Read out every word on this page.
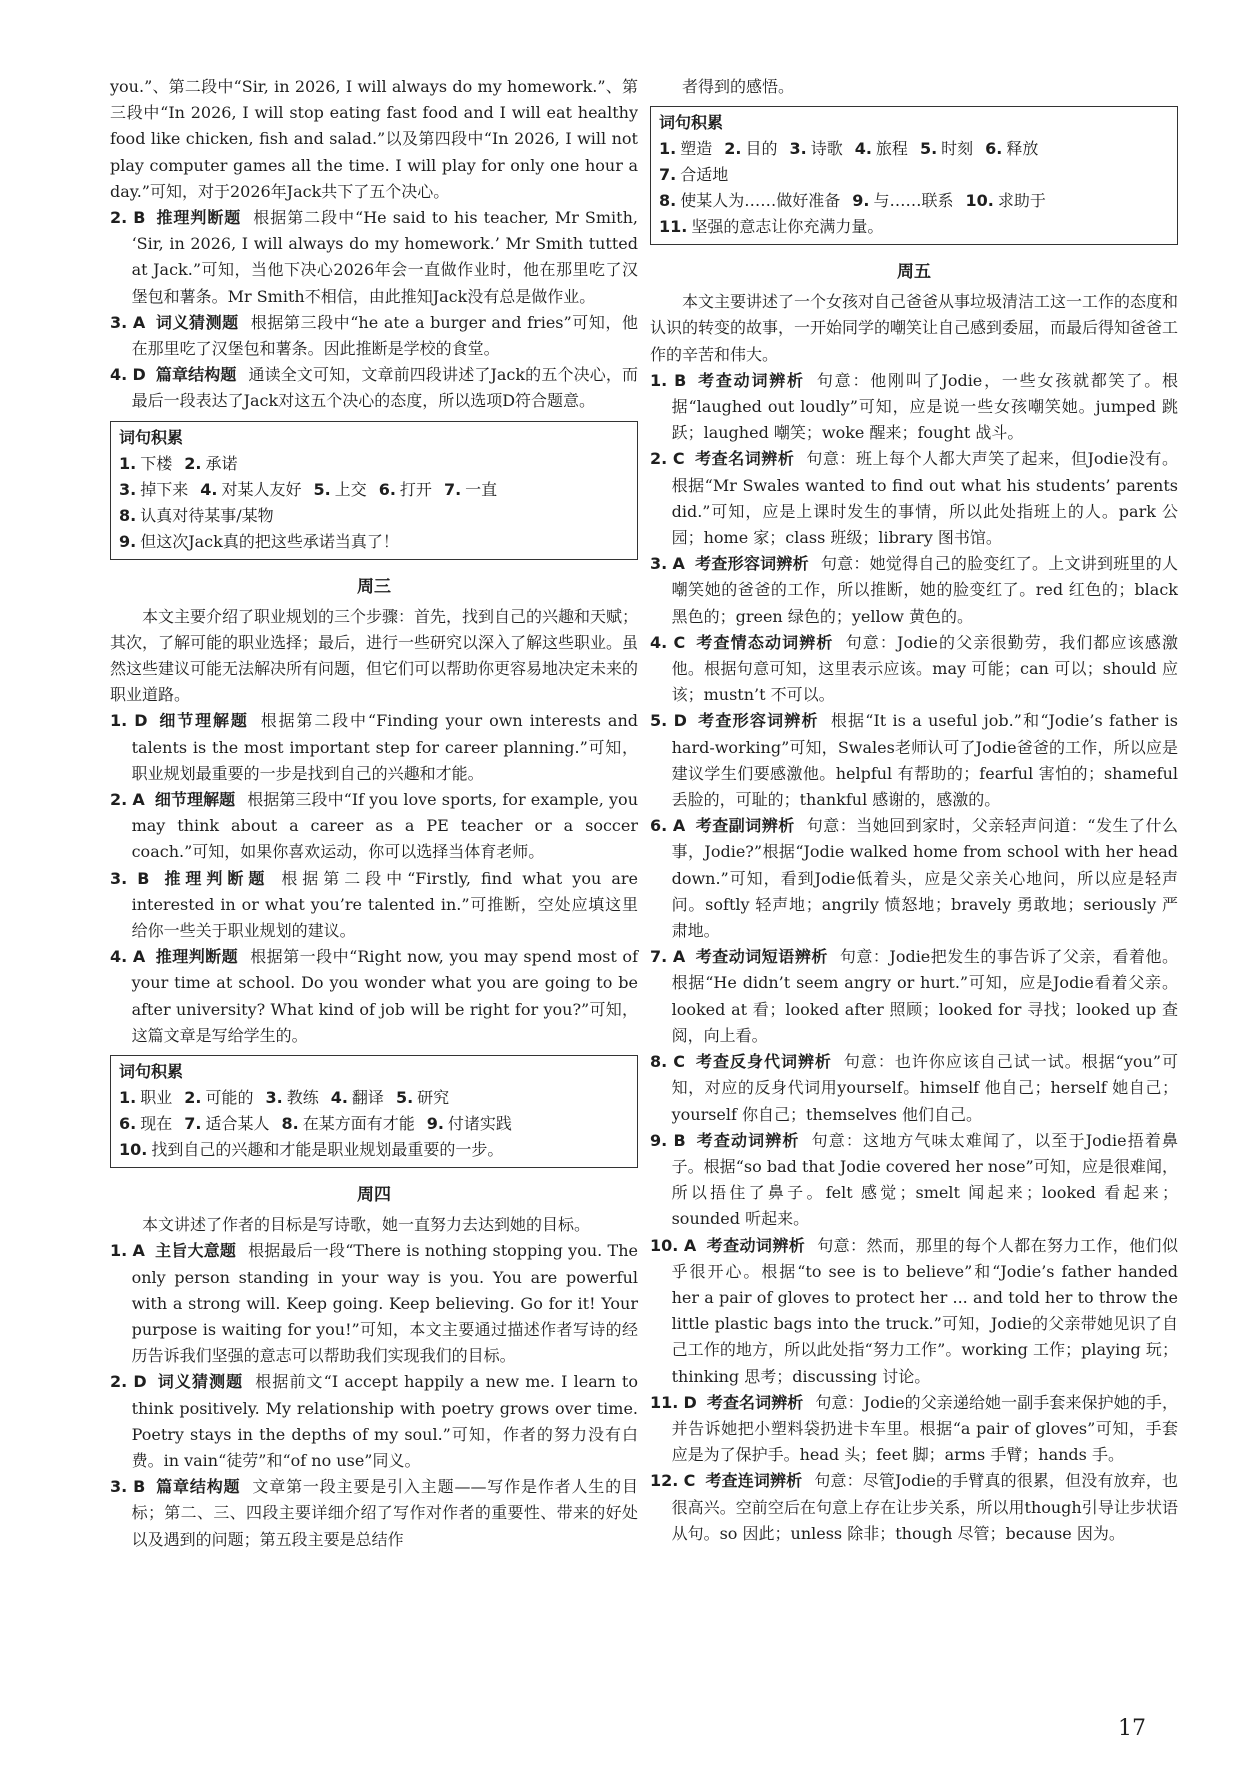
you.”、第二段中“Sir, in 2026, I will always do my homework.”、第三段中“In 2026, I will stop eating fast food and I will eat healthy food like chicken, fish and salad.”以及第四段中“In 2026, I will not play computer games all the time. I will play for only one hour a day.”可知，对于2026年Jack共下了五个决心。

2. B 推理判断题 根据第二段中“He said to his teacher, Mr Smith, ‘Sir, in 2026, I will always do my homework.’ Mr Smith tutted at Jack.”可知，当他下决心2026年会一直做作业时，他在那里吃了汉堡包和薯条。Mr Smith不相信，由此推知Jack没有总是做作业。

3. A 词义猜测题 根据第三段中“he ate a burger and fries”可知，他在那里吃了汉堡包和薯条。因此推断是学校的食堂。

4. D 篇章结构题 通读全文可知，文章前四段讲述了Jack的五个决心，而最后一段表达了Jack对这五个决心的态度，所以选项D符合题意。

词句积累
1. 下楼 2. 承诺
3. 掉下来 4. 对某人友好 5. 上交 6. 打开 7. 一直
8. 认真对待某事/某物
9. 但这次Jack真的把这些承诺当真了！
周三

本文主要介绍了职业规划的三个步骤：首先，找到自己的兴趣和天赋；其次，了解可能的职业选择；最后，进行一些研究以深入了解这些职业。虽然这些建议可能无法解决所有问题，但它们可以帮助你更容易地决定未来的职业道路。

1. D 细节理解题 根据第二段中“Finding your own interests and talents is the most important step for career planning.”可知，职业规划最重要的一步是找到自己的兴趣和才能。

2. A 细节理解题 根据第三段中“If you love sports, for example, you may think about a career as a PE teacher or a soccer coach.”可知，如果你喜欢运动，你可以选择当体育老师。

3. B 推理判断题 根据第二段中“Firstly, find what you are interested in or what you’re talented in.”可推断，空处应填这里给你一些关于职业规划的建议。

4. A 推理判断题 根据第一段中“Right now, you may spend most of your time at school. Do you wonder what you are going to be after university? What kind of job will be right for you?”可知，这篇文章是写给学生的。

词句积累
1. 职业 2. 可能的 3. 教练 4. 翻译 5. 研究
6. 现在 7. 适合某人 8. 在某方面有才能 9. 付诸实践
10. 找到自己的兴趣和才能是职业规划最重要的一步。
周四

本文讲述了作者的目标是写诗歌，她一直努力去达到她的目标。

1. A 主旨大意题 根据最后一段“There is nothing stopping you. The only person standing in your way is you. You are powerful with a strong will. Keep going. Keep believing. Go for it! Your purpose is waiting for you!”可知，本文主要通过描述作者写诗的经历告诉我们坚强的意志可以帮助我们实现我们的目标。

2. D 词义猜测题 根据前文“I accept happily a new me. I learn to think positively. My relationship with poetry grows over time. Poetry stays in the depths of my soul.”可知，作者的努力没有白费。in vain“徒劳”和“of no use”同义。

3. B 篇章结构题 文章第一段主要是引入主题——写作是作者人生的目标；第二、三、四段主要详细介绍了写作对作者的重要性、带来的好处以及遇到的问题；第五段主要是总结作

者得到的感悟。

词句积累
1. 塑造 2. 目的 3. 诗歌 4. 旅程 5. 时刻 6. 释放
7. 合适地
8. 使某人为……做好准备 9. 与……联系 10. 求助于
11. 坚强的意志让你充满力量。
周五

本文主要讲述了一个女孩对自己爸爸从事垃圾清洁工这一工作的态度和认识的转变的故事，一开始同学的嘲笑让自己感到委屈，而最后得知爸爸工作的辛苦和伟大。

1. B 考查动词辨析 句意：他刚叫了Jodie，一些女孩就都笑了。根据“laughed out loudly”可知，应是说一些女孩嘲笑她。jumped 跳跃；laughed 嘲笑；woke 醒来；fought 战斗。

2. C 考查名词辨析 句意：班上每个人都大声笑了起来，但Jodie没有。根据“Mr Swales wanted to find out what his students’ parents did.”可知，应是上课时发生的事情，所以此处指班上的人。park 公园；home 家；class 班级；library 图书馆。

3. A 考查形容词辨析 句意：她觉得自己的脸变红了。上文讲到班里的人嘲笑她的爸爸的工作，所以推断，她的脸变红了。red 红色的；black 黑色的；green 绿色的；yellow 黄色的。

4. C 考查情态动词辨析 句意：Jodie的父亲很勤劳，我们都应该感激他。根据句意可知，这里表示应该。may 可能；can 可以；should 应该；mustn’t 不可以。

5. D 考查形容词辨析 根据“It is a useful job.”和“Jodie’s father is hard-working”可知，Swales老师认可了Jodie爸爸的工作，所以应是建议学生们要感激他。helpful 有帮助的；fearful 害怕的；shameful 丢脸的，可耻的；thankful 感谢的，感激的。

6. A 考查副词辨析 句意：当她回到家时，父亲轻声问道：“发生了什么事，Jodie?”根据“Jodie walked home from school with her head down.”可知，看到Jodie低着头，应是父亲关心地问，所以应是轻声问。softly 轻声地；angrily 愤怒地；bravely 勇敢地；seriously 严肃地。

7. A 考查动词短语辨析 句意：Jodie把发生的事告诉了父亲，看着他。根据“He didn’t seem angry or hurt.”可知，应是Jodie看着父亲。looked at 看；looked after 照顾；looked for 寻找；looked up 查阅，向上看。

8. C 考查反身代词辨析 句意：也许你应该自己试一试。根据“you”可知，对应的反身代词用yourself。himself 他自己；herself 她自己；yourself 你自己；themselves 他们自己。

9. B 考查动词辨析 句意：这地方气味太难闻了，以至于Jodie捂着鼻子。根据“so bad that Jodie covered her nose”可知，应是很难闻，所以捂住了鼻子。felt 感觉；smelt 闻起来；looked 看起来；sounded 听起来。

10. A 考查动词辨析 句意：然而，那里的每个人都在努力工作，他们似乎很开心。根据“to see is to believe”和“Jodie’s father handed her a pair of gloves to protect her ... and told her to throw the little plastic bags into the truck.”可知，Jodie的父亲带她见识了自己工作的地方，所以此处指“努力工作”。working 工作；playing 玩；thinking 思考；discussing 讨论。

11. D 考查名词辨析 句意：Jodie的父亲递给她一副手套来保护她的手，并告诉她把小塑料袋扔进卡车里。根据“a pair of gloves”可知，手套应是为了保护手。head 头；feet 脚；arms 手臂；hands 手。

12. C 考查连词辨析 句意：尽管Jodie的手臂真的很累，但没有放弃，也很高兴。空前空后在句意上存在让步关系，所以用though引导让步状语从句。so 因此；unless 除非；though 尽管；because 因为。

17
